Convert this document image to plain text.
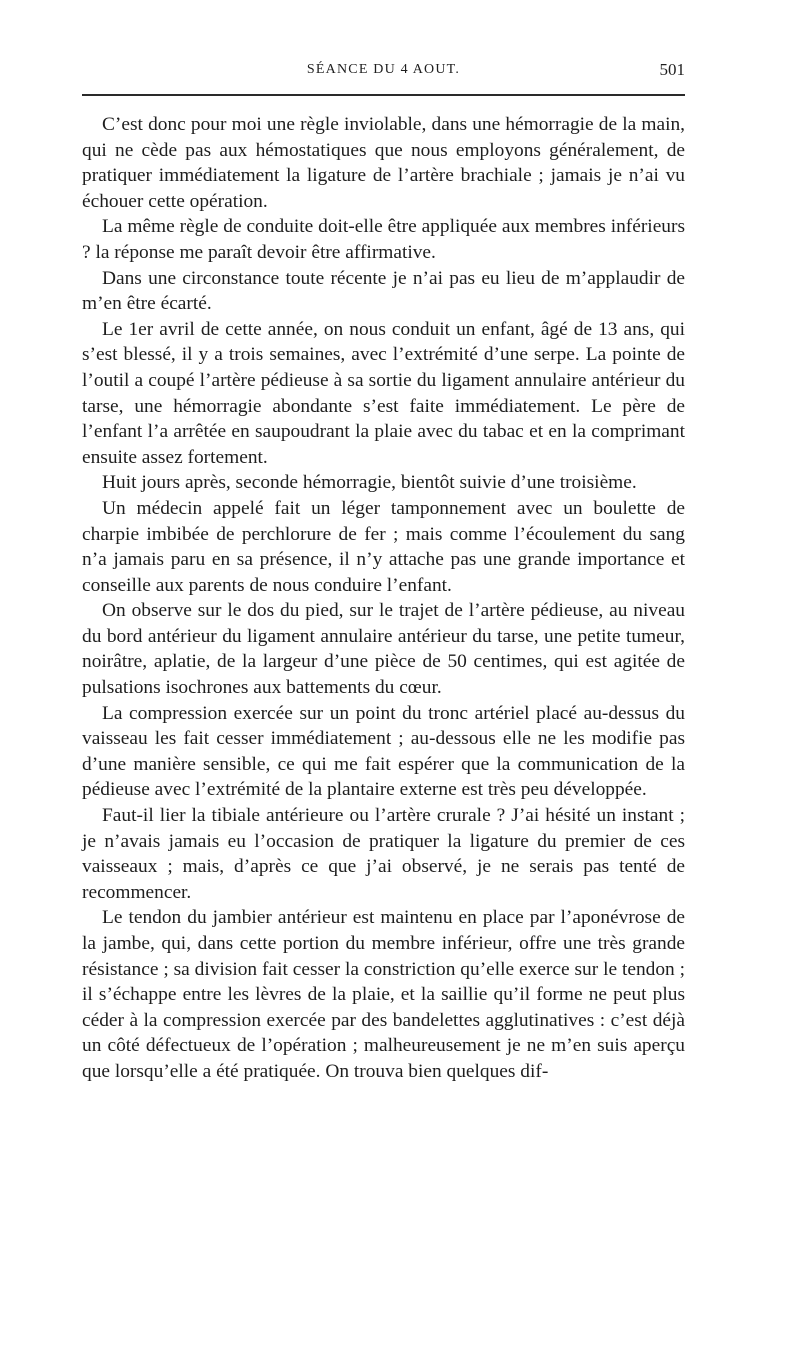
SÉANCE DU 4 AOUT.	501

C’est donc pour moi une règle inviolable, dans une hémorragie de la main, qui ne cède pas aux hémostatiques que nous employons généralement, de pratiquer immédiatement la ligature de l’artère brachiale ; jamais je n’ai vu échouer cette opération.

La même règle de conduite doit-elle être appliquée aux membres inférieurs ? la réponse me paraît devoir être affirmative.

Dans une circonstance toute récente je n’ai pas eu lieu de m’applaudir de m’en être écarté.

Le 1er avril de cette année, on nous conduit un enfant, âgé de 13 ans, qui s’est blessé, il y a trois semaines, avec l’extrémité d’une serpe. La pointe de l’outil a coupé l’artère pédieuse à sa sortie du ligament annulaire antérieur du tarse, une hémorragie abondante s’est faite immédiatement. Le père de l’enfant l’a arrêtée en saupoudrant la plaie avec du tabac et en la comprimant ensuite assez fortement.

Huit jours après, seconde hémorragie, bientôt suivie d’une troisième.

Un médecin appelé fait un léger tamponnement avec un boulette de charpie imbibée de perchlorure de fer ; mais comme l’écoulement du sang n’a jamais paru en sa présence, il n’y attache pas une grande importance et conseille aux parents de nous conduire l’enfant.

On observe sur le dos du pied, sur le trajet de l’artère pédieuse, au niveau du bord antérieur du ligament annulaire antérieur du tarse, une petite tumeur, noirâtre, aplatie, de la largeur d’une pièce de 50 centimes, qui est agitée de pulsations isochrones aux battements du cœur.

La compression exercée sur un point du tronc artériel placé au-dessus du vaisseau les fait cesser immédiatement ; au-dessous elle ne les modifie pas d’une manière sensible, ce qui me fait espérer que la communication de la pédieuse avec l’extrémité de la plantaire externe est très peu développée.

Faut-il lier la tibiale antérieure ou l’artère crurale ? J’ai hésité un instant ; je n’avais jamais eu l’occasion de pratiquer la ligature du premier de ces vaisseaux ; mais, d’après ce que j’ai observé, je ne serais pas tenté de recommencer.

Le tendon du jambier antérieur est maintenu en place par l’aponévrose de la jambe, qui, dans cette portion du membre inférieur, offre une très grande résistance ; sa division fait cesser la constriction qu’elle exerce sur le tendon ; il s’échappe entre les lèvres de la plaie, et la saillie qu’il forme ne peut plus céder à la compression exercée par des bandelettes agglutinatives : c’est déjà un côté défectueux de l’opération ; malheureusement je ne m’en suis aperçu que lorsqu’elle a été pratiquée. On trouva bien quelques dif-
